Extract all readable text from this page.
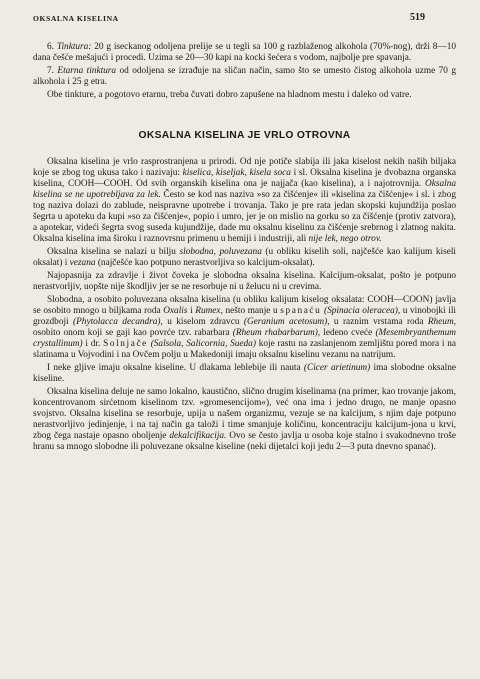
OKSALNA KISELINA	519

6. Tinktura: 20 g iseckanog odoljena prelije se u tegli sa 100 g razblaženog alkohola (70%-nog), drži 8—10 dana češće mešajući i procedi. Uzima se 20—30 kapi na kocki šećera s vodom, najbolje pre spavanja.

7. Etarna tinktura od odoljena se izrađuje na sličan način, samo što se umesto čistog alkohola uzme 70 g alkohola i 25 g etra.

Obe tinkture, a pogotovo etarnu, treba čuvati dobro zapušene na hladnom mestu i daleko od vatre.

OKSALNA KISELINA JE VRLO OTROVNA

Oksalna kiselina je vrlo rasprostranjena u prirodi. Od nje potiče slabija ili jaka kiselost nekih naših biljaka koje se zbog tog ukusa tako i nazivaju: kiselica, kiseljak, kisela soca i sl. Oksalna kiselina je dvobazna organska kiselina, COOH—COOH. Od svih organskih kiselina ona je najjača (kao kiselina), a i najotrovnija. Oksalna kiselina se ne upotrebljava za lek. Često se kod nas naziva »so za čišćenje« ili »kiselina za čišćenje« i sl. i zbog tog naziva dolazi do zablude, neispravne upotrebe i trovanja. Tako je pre rata jedan skopski kujundžija poslao šegrta u apoteku da kupi »so za čišćenje«, popio i umro, jer je on mislio na gorku so za čišćenje (protiv zatvora), a apotekar, videći šegrta svog suseda kujundžije, dade mu oksalnu kiselinu za čišćenje srebrnog i zlatnog nakita. Oksalna kiselina ima široku i raznovrsnu primenu u hemiji i industriji, ali nije lek, nego otrov.

Oksalna kiselina se nalazi u bilju slobodna, poluvezana (u obliku kiselih soli, najčešće kao kalijum kiseli oksalat) i vezana (najčešće kao potpuno nerastvorljiva so kalcijum-oksalat).

Najopasnija za zdravlje i život čoveka je slobodna oksalna kiselina. Kalcijum-oksalat, pošto je potpuno nerastvorljiv, uopšte nije škodljiv jer se ne resorbuje ni u želucu ni u crevima.

Slobodna, a osobito poluvezana oksalna kiselina (u obliku kalijum kiselog oksalata: COOH—COON) javlja se osobito mnogo u biljkama roda Oxalis i Rumex, nešto manje u spanaću (Spinacia oleracea), u vinobojki ili grozdboji (Phytolacca decandra), u kiselom zdravcu (Geranium acetosum), u raznim vrstama roda Rheum, osobito onom koji se gaji kao povrće tzv. rabarbara (Rheum rhabarbarum), ledeno cveće (Mesembryanthemum crystallinum) i dr. Solnjače (Salsola, Salicornia, Sueda) koje rastu na zaslanjenom zemljištu pored mora i na slatinama u Vojvodini i na Ovčem polju u Makedoniji imaju oksalnu kiselinu vezanu na natrijum.

I neke gljive imaju oksalne kiseline. U dlakama leblebije ili nauta (Cicer arietinum) ima slobodne oksalne kiseline.

Oksalna kiselina deluje ne samo lokalno, kaustično, slično drugim kiselinama (na primer, kao trovanje jakom, koncentrovanom sirćetnom kiselinom tzv. »gromesencijom«), već ona ima i jedno drugo, ne manje opasno svojstvo. Oksalna kiselina se resorbuje, upija u našem organizmu, vezuje se na kalcijum, s njim daje potpuno nerastvorljivo jedinjenje, i na taj način ga taloži i time smanjuje količinu, koncentraciju kalcijum-jona u krvi, zbog čega nastaje opasno oboljenje dekalcifikacija. Ovo se često javlja u osoba koje stalno i svakodnevno troše hranu sa mnogo slobodne ili poluvezane oksalne kiseline (neki dijetalci koji jedu 2—3 puta dnevno spanać).
